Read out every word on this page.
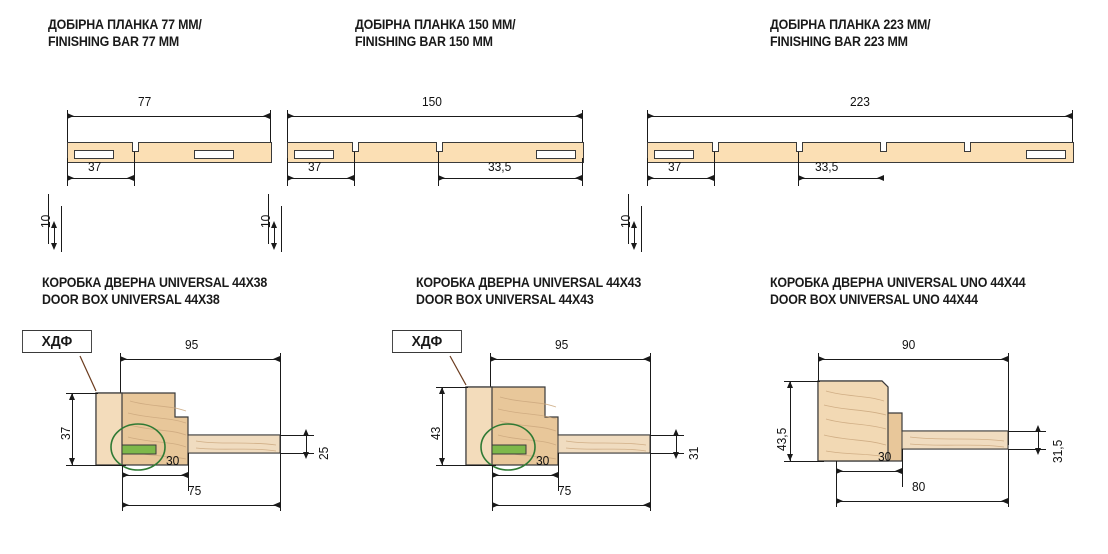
ДОБІРНА ПЛАНКА 77 ММ/
FINISHING BAR 77 MM
10
77
37
ДОБІРНА ПЛАНКА 150 ММ/
FINISHING BAR 150 MM
10
150
37	33,5
ДОБІРНА ПЛАНКА 223 ММ/
FINISHING BAR 223 MM
10
223
37	33,5
КОРОБКА ДВЕРНА UNIVERSAL 44Х38
DOOR BOX UNIVERSAL 44X38
ХДФ	95
37
25
30
75
КОРОБКА ДВЕРНА UNIVERSAL 44Х43
DOOR BOX UNIVERSAL 44X43
ХДФ	95
43
31
30
75
КОРОБКА ДВЕРНА UNIVERSAL UNO 44Х44
DOOR BOX UNIVERSAL UNO 44X44
90
43,5
31,5
30
80
